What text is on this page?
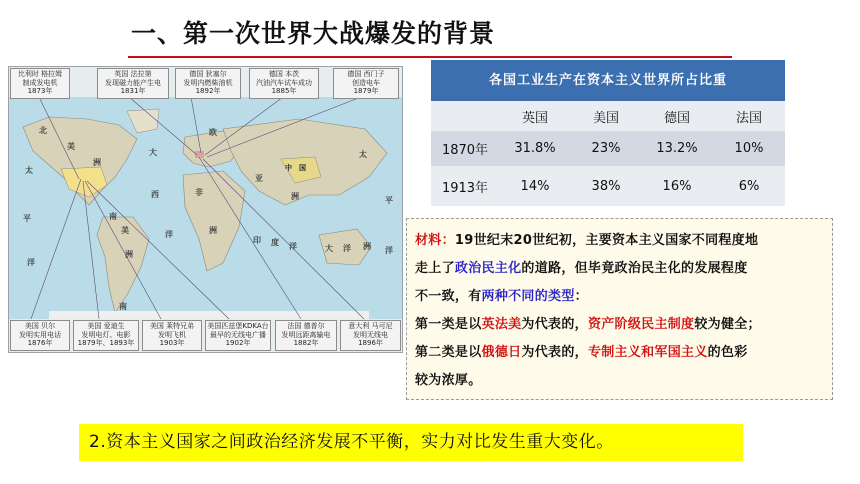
一、第一次世界大战爆发的背景
比利时 格拉姆
制成发电机
1873年
英国 法拉第
发现磁力能产生电
1831年
德国 狄塞尔
发明内燃柴油机
1892年
德国 本茨
汽油汽车试车成功
1885年
德国 西门子
创造电车
1879年
美国 贝尔
发明实用电话
1876年
美国 爱迪生
发明电灯、电影
1879年、1893年
美国 莱特兄弟
发明飞机
1903年
美国匹兹堡KDKA台
最早的无线电广播
1902年
法国 德普尔
发明远距离输电
1882年
意大利 马可尼
发明无线电
1896年
北
美
洲
南
美
洲
太
平
洋
大
西
洋
欧
非
洲
亚
洲
印 度 洋	大 洋 洲
南
中 国
太
平
洋
各国工业生产在资本主义世界所占比重
英国	美国	德国	法国
1870年	31.8%	23%	13.2%	10%
1913年	14%	38%	16%	6%

材料：19世纪末20世纪初，主要资本主义国家不同程度地

走上了政治民主化的道路，但毕竟政治民主化的发展程度

不一致，有两种不同的类型：

第一类是以英法美为代表的，资产阶级民主制度较为健全；

第二类是以俄德日为代表的，专制主义和军国主义的色彩

较为浓厚。

2.资本主义国家之间政治经济发展不平衡，实力对比发生重大变化。
